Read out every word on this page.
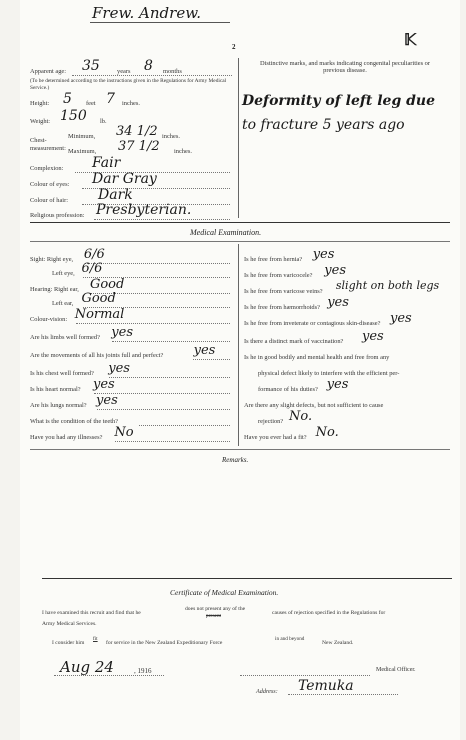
Frew. Andrew.
2	𝕂
Apparent age: 35	years 8 months
(To be determined according to the instructions given in the Regulations for Army Medical Service.)
Height: 5 feet 7 inches.
Weight: 150 lb.
Chest-measurement:
Minimum, 34 1/2 inches.
Maximum, 37 1/2 inches.
Complexion: Fair
Colour of eyes: Dar Gray
Colour of hair: Dark
Religious profession: Presbyterian.
Distinctive marks, and marks indicating congenital peculiarities or previous disease.
Deformity of left leg due
to fracture 5 years ago
Medical Examination.
Remarks.
Certificate of Medical Examination.
I have examined this recruit and find that he
does not present any of the
present	causes of rejection specified in the Regulations for
Army Medical Services.
I consider him
fit
for service in the New Zealand Expeditionary Force
in and beyond
New Zealand.
Aug 24	, 1916	Medical Officer.
Address: Temuka
Sight: Right eye, 6/6
Left eye, 6/6
Hearing: Right ear, Good
Left ear, Good
Colour-vision: Normal
Are his limbs well formed? yes
Are the movements of all his joints full and perfect? yes
Is his chest well formed? yes
Is his heart normal? yes
Are his lungs normal? yes
What is the condition of the teeth?
Have you had any illnesses? No
Is he free from hernia? yes
Is he free from varicocele? yes
Is he free from varicose veins? slight on both legs
Is he free from hæmorrhoids? yes
Is he free from inveterate or contagious skin-disease? yes
Is there a distinct mark of vaccination? yes
Is he in good bodily and mental health and free from any
physical defect likely to interfere with the efficient per-
formance of his duties? yes
Are there any slight defects, but not sufficient to cause
rejection? No.
Have you ever had a fit? No.
